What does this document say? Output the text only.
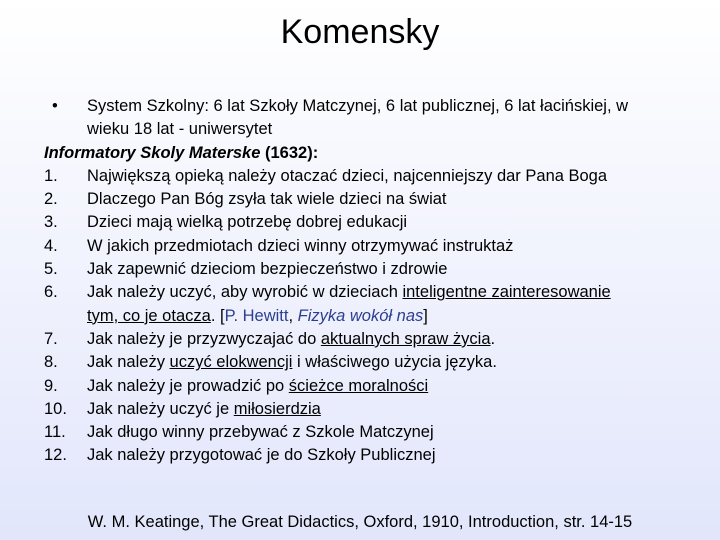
Komensky
• System Szkolny: 6 lat Szkoły Matczynej, 6 lat publicznej, 6 lat łacińskiej, w
wieku 18 lat - uniwersytet
Informatory Skoly Materske (1632):
1. Największą opieką należy otaczać dzieci, najcenniejszy dar Pana Boga
2. Dlaczego Pan Bóg zsyła tak wiele dzieci na świat
3. Dzieci mają wielką potrzebę dobrej edukacji
4. W jakich przedmiotach dzieci winny otrzymywać instruktaż
5. Jak zapewnić dzieciom bezpieczeństwo i zdrowie
6. Jak należy uczyć, aby wyrobić w dzieciach inteligentne zainteresowanie
tym, co je otacza. [P. Hewitt, Fizyka wokół nas]
7. Jak należy je przyzwyczajać do aktualnych spraw życia.
8. Jak należy uczyć elokwencji i właściwego użycia języka.
9. Jak należy je prowadzić po ścieżce moralności
10. Jak należy uczyć je miłosierdzia
11. Jak długo winny przebywać z Szkole Matczynej
12. Jak należy przygotować je do Szkoły Publicznej
W. M. Keatinge, The Great Didactics, Oxford, 1910, Introduction, str. 14-15
